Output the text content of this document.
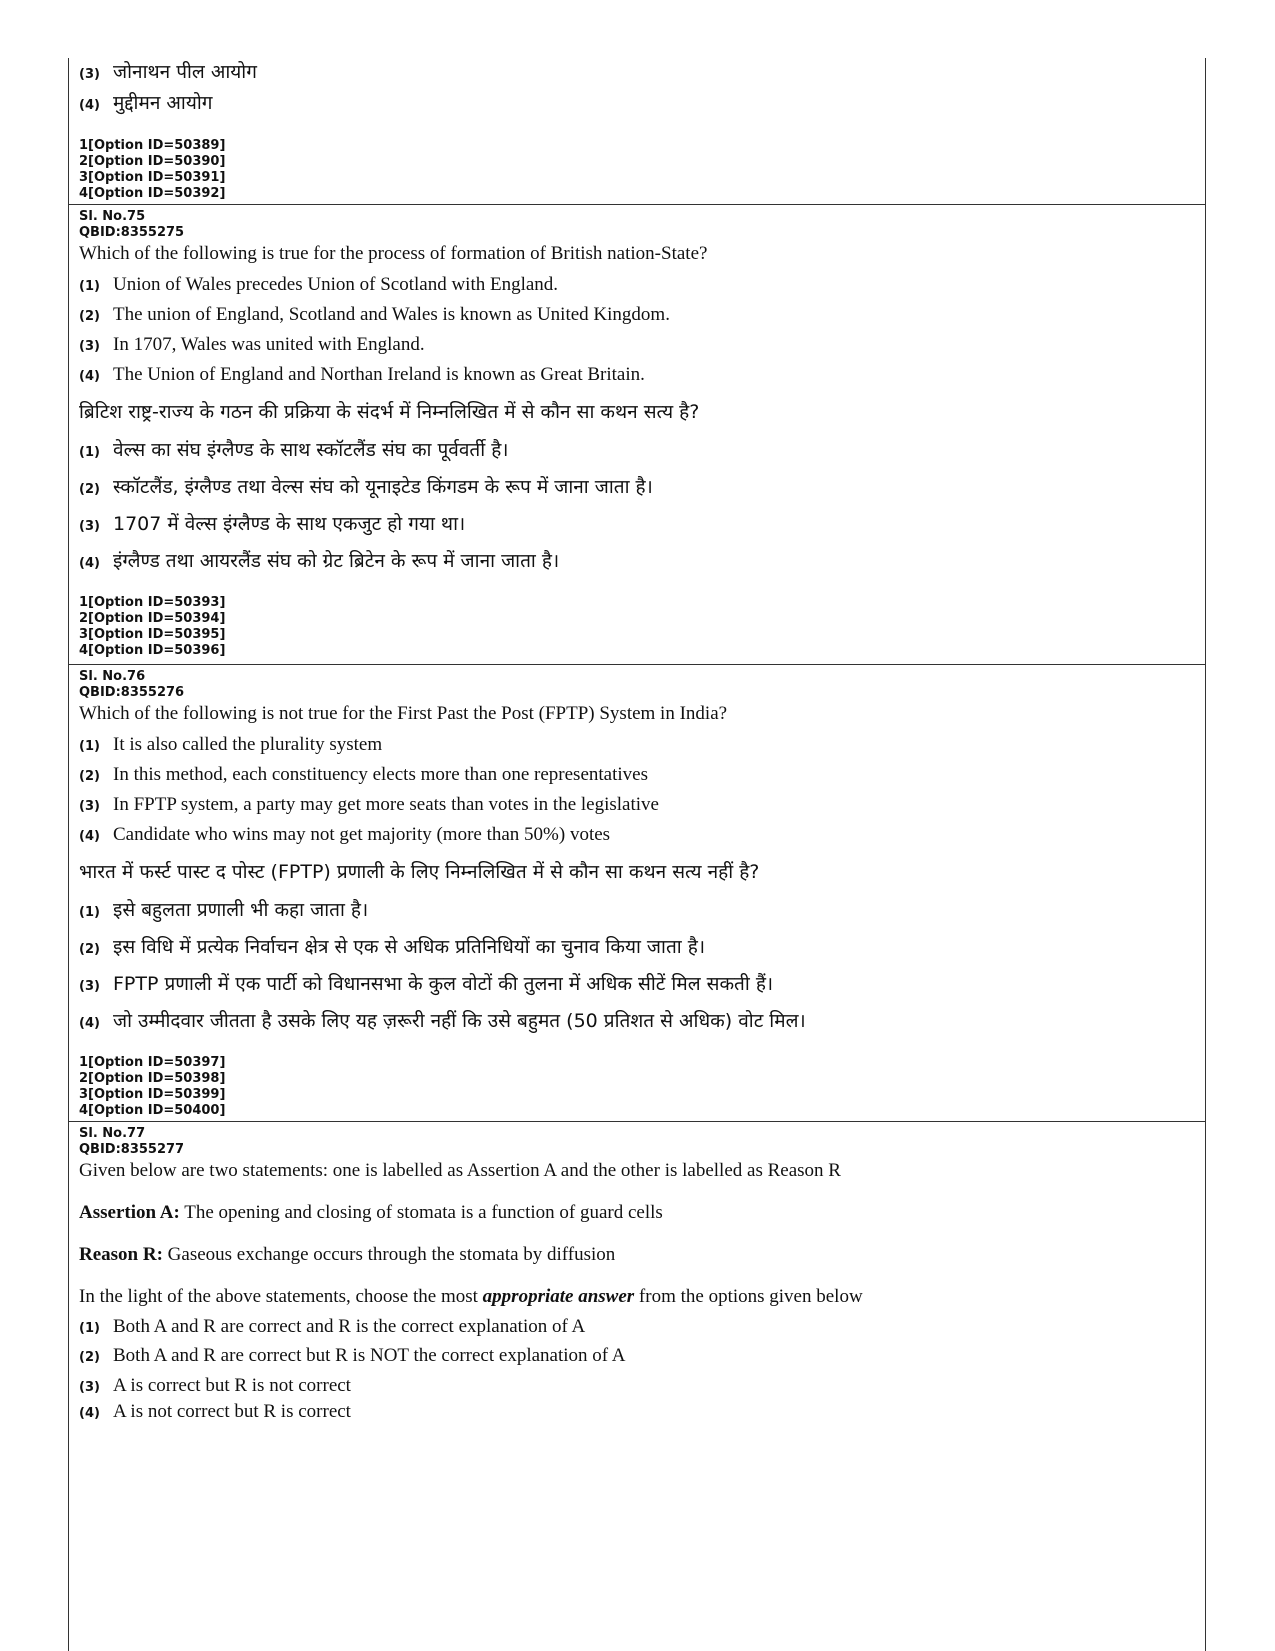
(3) जोनाथन पील आयोग
(4) मुद्दीमन आयोग
1[Option ID=50389]
2[Option ID=50390]
3[Option ID=50391]
4[Option ID=50392]
Sl. No.75
QBID:8355275
Which of the following is true for the process of formation of British nation-State?
(1) Union of Wales precedes Union of Scotland with England.
(2) The union of England, Scotland and Wales is known as United Kingdom.
(3) In 1707, Wales was united with England.
(4) The Union of England and Northan Ireland is known as Great Britain.
ब्रिटिश राष्ट्र-राज्य के गठन की प्रक्रिया के संदर्भ में निम्नलिखित में से कौन सा कथन सत्य है?
(1) वेल्स का संघ इंग्लैण्ड के साथ स्कॉटलैंड संघ का पूर्ववर्ती है।
(2) स्कॉटलैंड, इंग्लैण्ड तथा वेल्स संघ को यूनाइटेड किंगडम के रूप में जाना जाता है।
(3) 1707 में वेल्स इंग्लैण्ड के साथ एकजुट हो गया था।
(4) इंग्लैण्ड तथा आयरलैंड संघ को ग्रेट ब्रिटेन के रूप में जाना जाता है।
1[Option ID=50393]
2[Option ID=50394]
3[Option ID=50395]
4[Option ID=50396]
Sl. No.76
QBID:8355276
Which of the following is not true for the First Past the Post (FPTP) System in India?
(1) It is also called the plurality system
(2) In this method, each constituency elects more than one representatives
(3) In FPTP system, a party may get more seats than votes in the legislative
(4) Candidate who wins may not get majority (more than 50%) votes
भारत में फर्स्ट पास्ट द पोस्ट (FPTP) प्रणाली के लिए निम्नलिखित में से कौन सा कथन सत्य नहीं है?
(1) इसे बहुलता प्रणाली भी कहा जाता है।
(2) इस विधि में प्रत्येक निर्वाचन क्षेत्र से एक से अधिक प्रतिनिधियों का चुनाव किया जाता है।
(3) FPTP प्रणाली में एक पार्टी को विधानसभा के कुल वोटों की तुलना में अधिक सीटें मिल सकती हैं।
(4) जो उम्मीदवार जीतता है उसके लिए यह ज़रूरी नहीं कि उसे बहुमत (50 प्रतिशत से अधिक) वोट मिल।
1[Option ID=50397]
2[Option ID=50398]
3[Option ID=50399]
4[Option ID=50400]
Sl. No.77
QBID:8355277
Given below are two statements: one is labelled as Assertion A and the other is labelled as Reason R
Assertion A: The opening and closing of stomata is a function of guard cells
Reason R: Gaseous exchange occurs through the stomata by diffusion
In the light of the above statements, choose the most appropriate answer from the options given below
(1) Both A and R are correct and R is the correct explanation of A
(2) Both A and R are correct but R is NOT the correct explanation of A
(3) A is correct but R is not correct
(4) A is not correct but R is correct
